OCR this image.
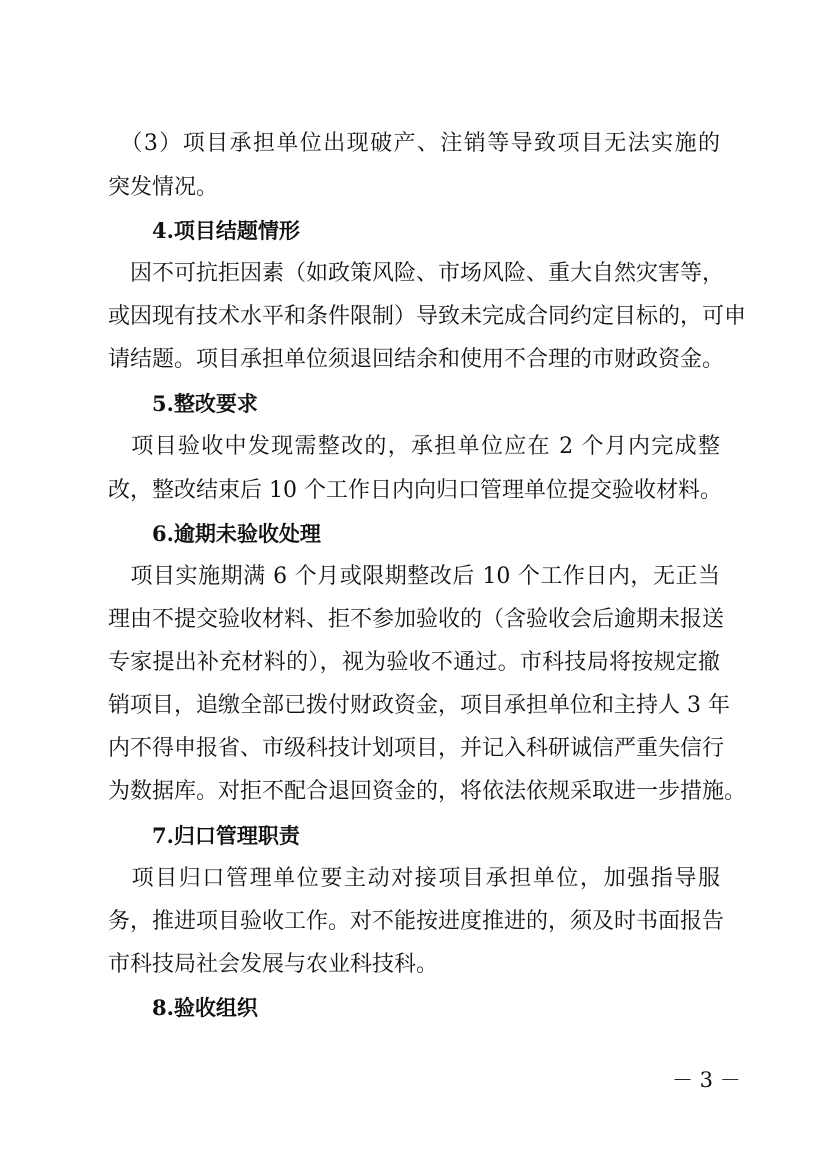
　（3）项目承担单位出现破产、注销等导致项目无法实施的
突发情况。
4.项目结题情形
　因不可抗拒因素（如政策风险、市场风险、重大自然灾害等，
或因现有技术水平和条件限制）导致未完成合同约定目标的，可申
请结题。项目承担单位须退回结余和使用不合理的市财政资金。
5.整改要求
　项目验收中发现需整改的，承担单位应在 2 个月内完成整
改，整改结束后 10 个工作日内向归口管理单位提交验收材料。
6.逾期未验收处理
　项目实施期满 6 个月或限期整改后 10 个工作日内，无正当
理由不提交验收材料、拒不参加验收的（含验收会后逾期未报送
专家提出补充材料的），视为验收不通过。市科技局将按规定撤
销项目，追缴全部已拨付财政资金，项目承担单位和主持人 3 年
内不得申报省、市级科技计划项目，并记入科研诚信严重失信行
为数据库。对拒不配合退回资金的，将依法依规采取进一步措施。
7.归口管理职责
　项目归口管理单位要主动对接项目承担单位，加强指导服
务，推进项目验收工作。对不能按进度推进的，须及时书面报告
市科技局社会发展与农业科技科。
8.验收组织
－ 3 －
